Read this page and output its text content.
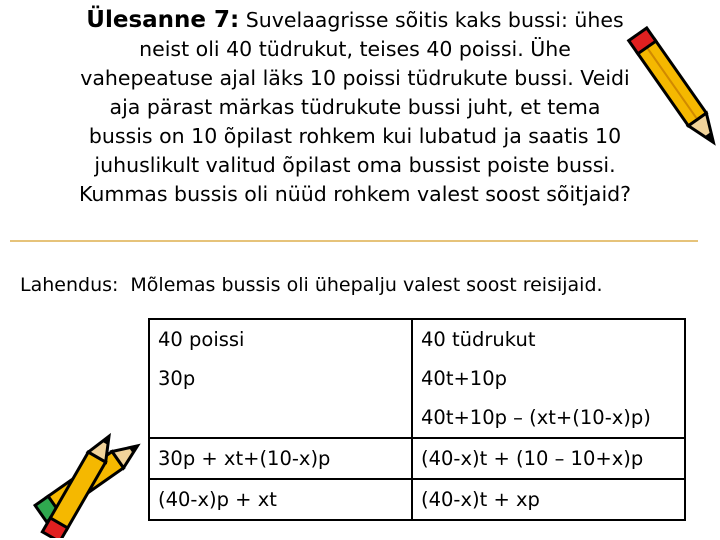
Ülesanne 7: Suvelaagrisse sõitis kaks bussi: ühes
neist oli 40 tüdrukut, teises 40 poissi. Ühe
vahepeatuse ajal läks 10 poissi tüdrukute bussi. Veidi
aja pärast märkas tüdrukute bussi juht, et tema
bussis on 10 õpilast rohkem kui lubatud ja saatis 10
juhuslikult valitud õpilast oma bussist poiste bussi.
Kummas bussis oli nüüd rohkem valest soost sõitjaid?
Lahendus: Mõlemas bussis oli ühepalju valest soost reisijaid.
40 poissi	40 tüdrukut
30p	40t+10p
	40t+10p – (xt+(10-x)p)
30p + xt+(10-x)p	(40-x)t + (10 – 10+x)p
(40-x)p + xt	(40-x)t + xp
